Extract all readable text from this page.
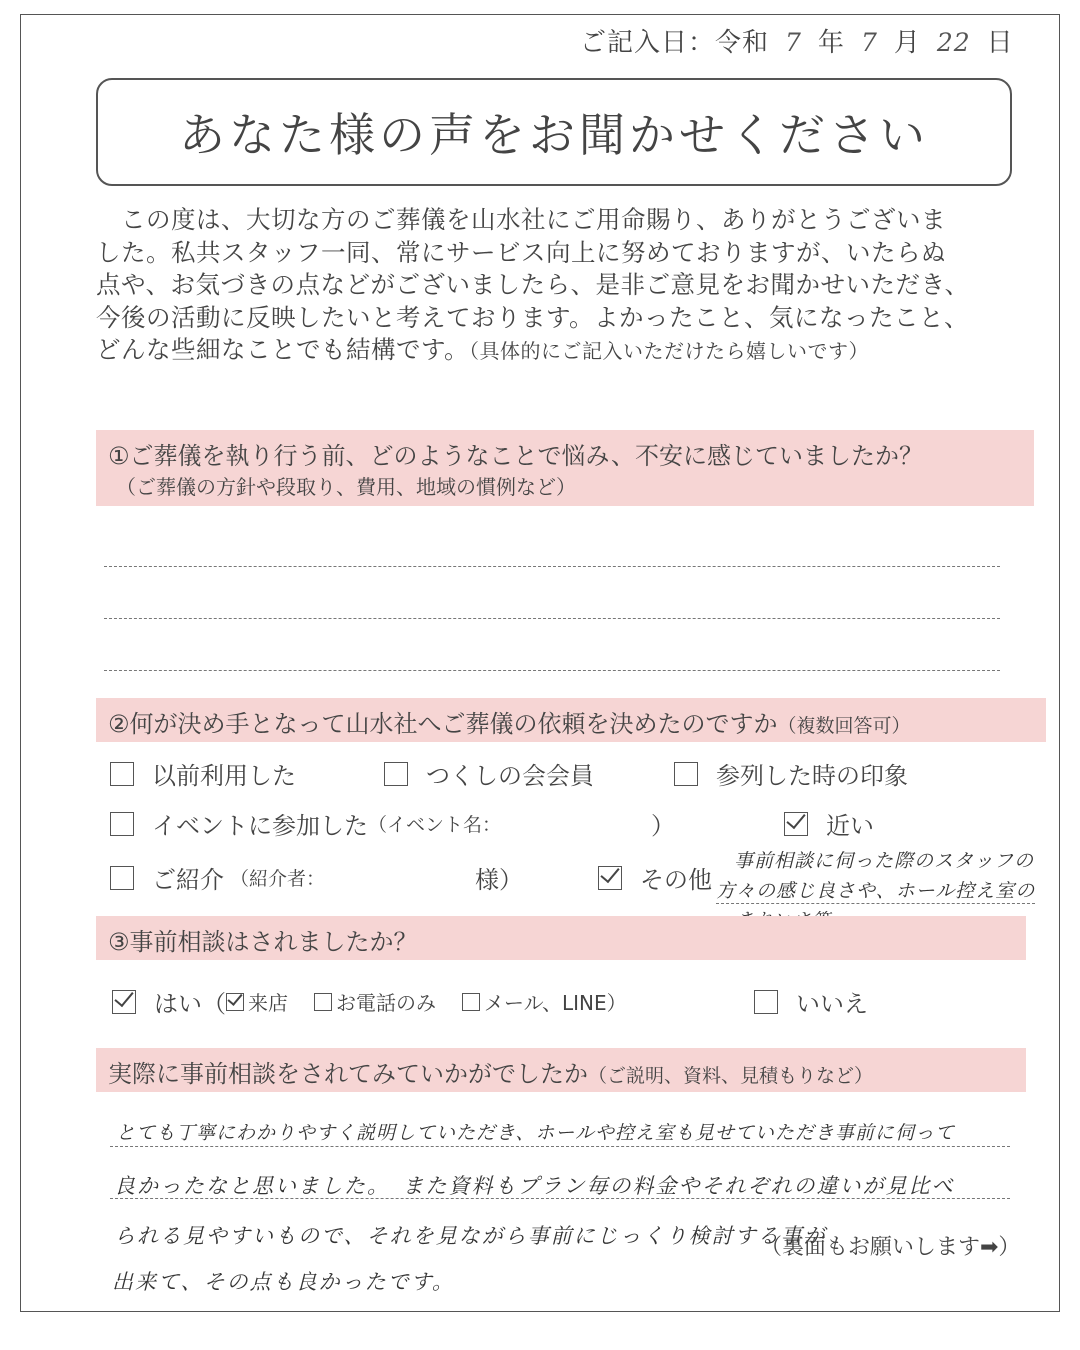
ご記入日：令和 7 年 7 月 22 日
あなた様の声をお聞かせください
　この度は、大切な方のご葬儀を山水社にご用命賜り、ありがとうございま
した。私共スタッフ一同、常にサービス向上に努めておりますが、いたらぬ
点や、お気づきの点などがございましたら、是非ご意見をお聞かせいただき、
今後の活動に反映したいと考えております。よかったこと、気になったこと、
どんな些細なことでも結構です。（具体的にご記入いただけたら嬉しいです）
①ご葬儀を執り行う前、どのようなことで悩み、不安に感じていましたか？
（ご葬儀の方針や段取り、費用、地域の慣例など）
②何が決め手となって山水社へご葬儀の依頼を決めたのですか（複数回答可）
以前利用した	つくしの会会員	参列した時の印象
イベントに参加した （イベント名：	）	近い
ご紹介 （紹介者：	様）	その他
事前相談に伺った際のスタッフの
方々の感じ良さや、ホール控え室の
③事前相談はされましたか？
はい（ 来店 お電話のみ メール、LINE）	いいえ
実際に事前相談をされてみていかがでしたか（ご説明、資料、見積もりなど）
とても丁寧にわかりやすく説明していただき、ホールや控え室も見せていただき事前に伺って
良かったなと思いました。　また資料もプラン毎の料金やそれぞれの違いが見比べ
られる見やすいもので、それを見ながら事前にじっくり検討する事が
出来て、その点も良かったです。
（裏面もお願いします➡）
